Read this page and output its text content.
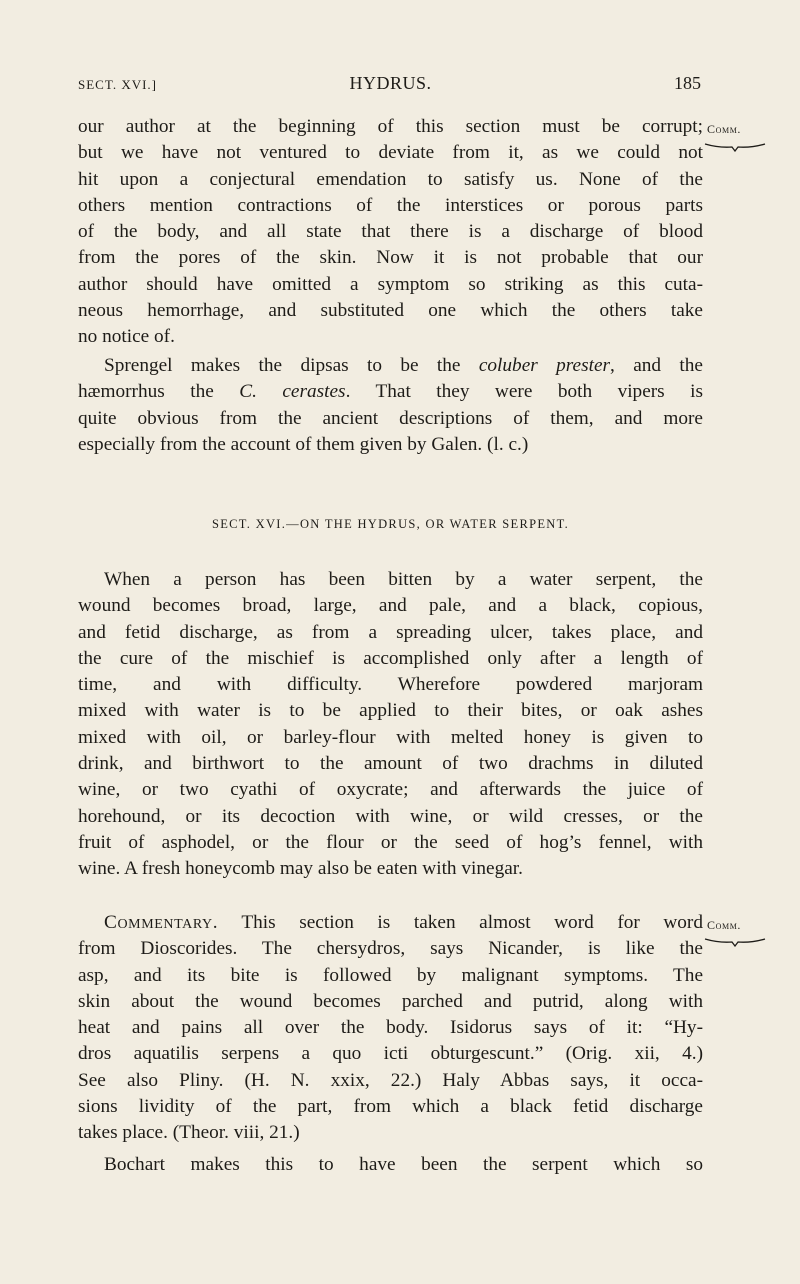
SECT. XVI.]	HYDRUS.	185
our author at the beginning of this section must be corrupt;
but we have not ventured to deviate from it, as we could not
hit upon a conjectural emendation to satisfy us. None of the
others mention contractions of the interstices or porous parts
of the body, and all state that there is a discharge of blood
from the pores of the skin. Now it is not probable that our
author should have omitted a symptom so striking as this cuta-
neous hemorrhage, and substituted one which the others take
no notice of.
Sprengel makes the dipsas to be the coluber prester, and the
hæmorrhus the C. cerastes. That they were both vipers is
quite obvious from the ancient descriptions of them, and more
especially from the account of them given by Galen. (l. c.)
SECT. XVI.—ON THE HYDRUS, OR WATER SERPENT.
When a person has been bitten by a water serpent, the
wound becomes broad, large, and pale, and a black, copious,
and fetid discharge, as from a spreading ulcer, takes place, and
the cure of the mischief is accomplished only after a length of
time, and with difficulty. Wherefore powdered marjoram
mixed with water is to be applied to their bites, or oak ashes
mixed with oil, or barley-flour with melted honey is given to
drink, and birthwort to the amount of two drachms in diluted
wine, or two cyathi of oxycrate; and afterwards the juice of
horehound, or its decoction with wine, or wild cresses, or the
fruit of asphodel, or the flour or the seed of hog’s fennel, with
wine. A fresh honeycomb may also be eaten with vinegar.
Commentary. This section is taken almost word for word
from Dioscorides. The chersydros, says Nicander, is like the
asp, and its bite is followed by malignant symptoms. The
skin about the wound becomes parched and putrid, along with
heat and pains all over the body. Isidorus says of it: “Hy-
dros aquatilis serpens a quo icti obturgescunt.” (Orig. xii, 4.)
See also Pliny. (H. N. xxix, 22.) Haly Abbas says, it occa-
sions lividity of the part, from which a black fetid discharge
takes place. (Theor. viii, 21.)
Bochart makes this to have been the serpent which so
Comm.
Comm.
